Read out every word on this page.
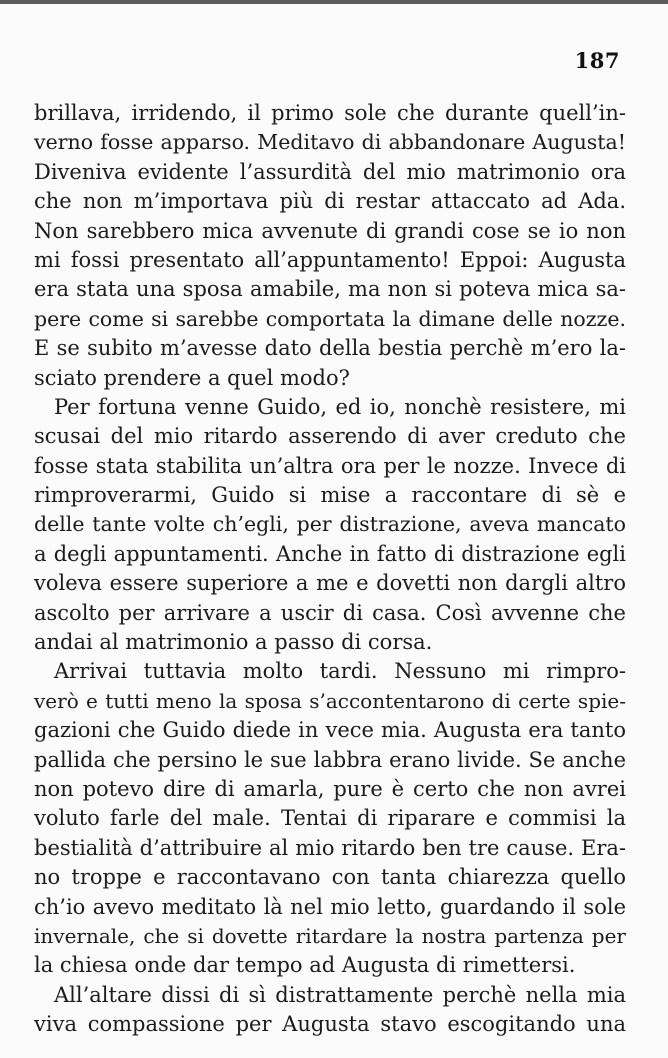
187
brillava, irridendo, il primo sole che durante quell’in-
verno fosse apparso. Meditavo di abbandonare Augusta!
Diveniva evidente l’assurdità del mio matrimonio ora
che non m’importava più di restar attaccato ad Ada.
Non sarebbero mica avvenute di grandi cose se io non
mi fossi presentato all’appuntamento! Eppoi: Augusta
era stata una sposa amabile, ma non si poteva mica sa-
pere come si sarebbe comportata la dimane delle nozze.
E se subito m’avesse dato della bestia perchè m’ero la-
sciato prendere a quel modo?
Per fortuna venne Guido, ed io, nonchè resistere, mi
scusai del mio ritardo asserendo di aver creduto che
fosse stata stabilita un’altra ora per le nozze. Invece di
rimproverarmi, Guido si mise a raccontare di sè e
delle tante volte ch’egli, per distrazione, aveva mancato
a degli appuntamenti. Anche in fatto di distrazione egli
voleva essere superiore a me e dovetti non dargli altro
ascolto per arrivare a uscir di casa. Così avvenne che
andai al matrimonio a passo di corsa.
Arrivai tuttavia molto tardi. Nessuno mi rimpro-
verò e tutti meno la sposa s’accontentarono di certe spie-
gazioni che Guido diede in vece mia. Augusta era tanto
pallida che persino le sue labbra erano livide. Se anche
non potevo dire di amarla, pure è certo che non avrei
voluto farle del male. Tentai di riparare e commisi la
bestialità d’attribuire al mio ritardo ben tre cause. Era-
no troppe e raccontavano con tanta chiarezza quello
ch’io avevo meditato là nel mio letto, guardando il sole
invernale, che si dovette ritardare la nostra partenza per
la chiesa onde dar tempo ad Augusta di rimettersi.
All’altare dissi di sì distrattamente perchè nella mia
viva compassione per Augusta stavo escogitando una
